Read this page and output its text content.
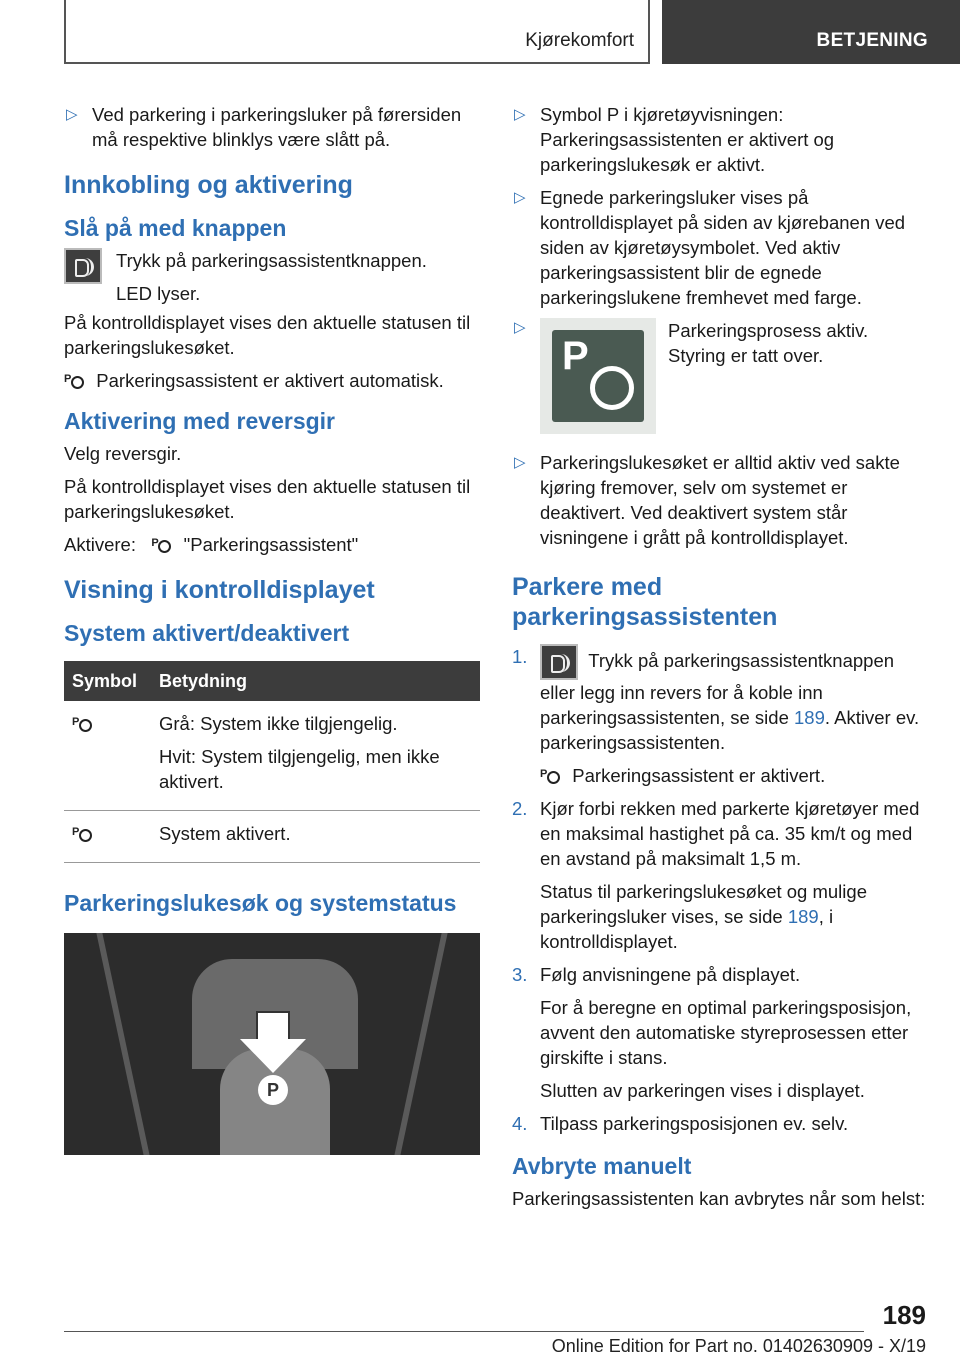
Kjørekomfort	BETJENING
▷ Ved parkering i parkeringsluker på førersiden må respektive blinklys være slått på.
Innkobling og aktivering
Slå på med knappen
Trykk på parkeringsassistentknappen.
LED lyser.
På kontrolldisplayet vises den aktuelle statusen til parkeringslukesøket.
P Parkeringsassistent er aktivert automatisk.
Aktivering med reversgir
Velg reversgir.
På kontrolldisplayet vises den aktuelle statusen til parkeringslukesøket.
Aktivere: P "Parkeringsassistent"
Visning i kontrolldisplayet
System aktivert/deaktivert
Symbol	Betydning

P	Grå: System ikke tilgjengelig.
Hvit: System tilgjengelig, men ikke aktivert.

P	System aktivert.
Parkeringslukesøk og systemstatus
P
▷ Symbol P i kjøretøyvisningen: Parkeringsassistenten er aktivert og parkeringslukesøk er aktivt.
▷ Egnede parkeringsluker vises på kontrolldisplayet på siden av kjørebanen ved siden av kjøretøysymbolet. Ved aktiv parkeringsassistent blir de egnede parkeringslukene fremhevet med farge.
▷
P
Parkeringsprosess aktiv. Styring er tatt over.
▷ Parkeringslukesøket er alltid aktiv ved sakte kjøring fremover, selv om systemet er deaktivert. Ved deaktivert system står visningene i grått på kontrolldisplayet.
Parkere med parkeringsassistenten
1.	Trykk på parkeringsassistentknappen eller legg inn revers for å koble inn parkeringsassistenten, se side 189. Aktiver ev. parkeringsassistenten.
P Parkeringsassistent er aktivert.
2. Kjør forbi rekken med parkerte kjøretøyer med en maksimal hastighet på ca. 35 km/t og med en avstand på maksimalt 1,5 m.
Status til parkeringslukesøket og mulige parkeringsluker vises, se side 189, i kontrolldisplayet.
3. Følg anvisningene på displayet.
For å beregne en optimal parkeringsposisjon, avvent den automatiske styreprosessen etter girskifte i stans.
Slutten av parkeringen vises i displayet.
4. Tilpass parkeringsposisjonen ev. selv.
Avbryte manuelt
Parkeringsassistenten kan avbrytes når som helst:
189
Online Edition for Part no. 01402630909 - X/19
